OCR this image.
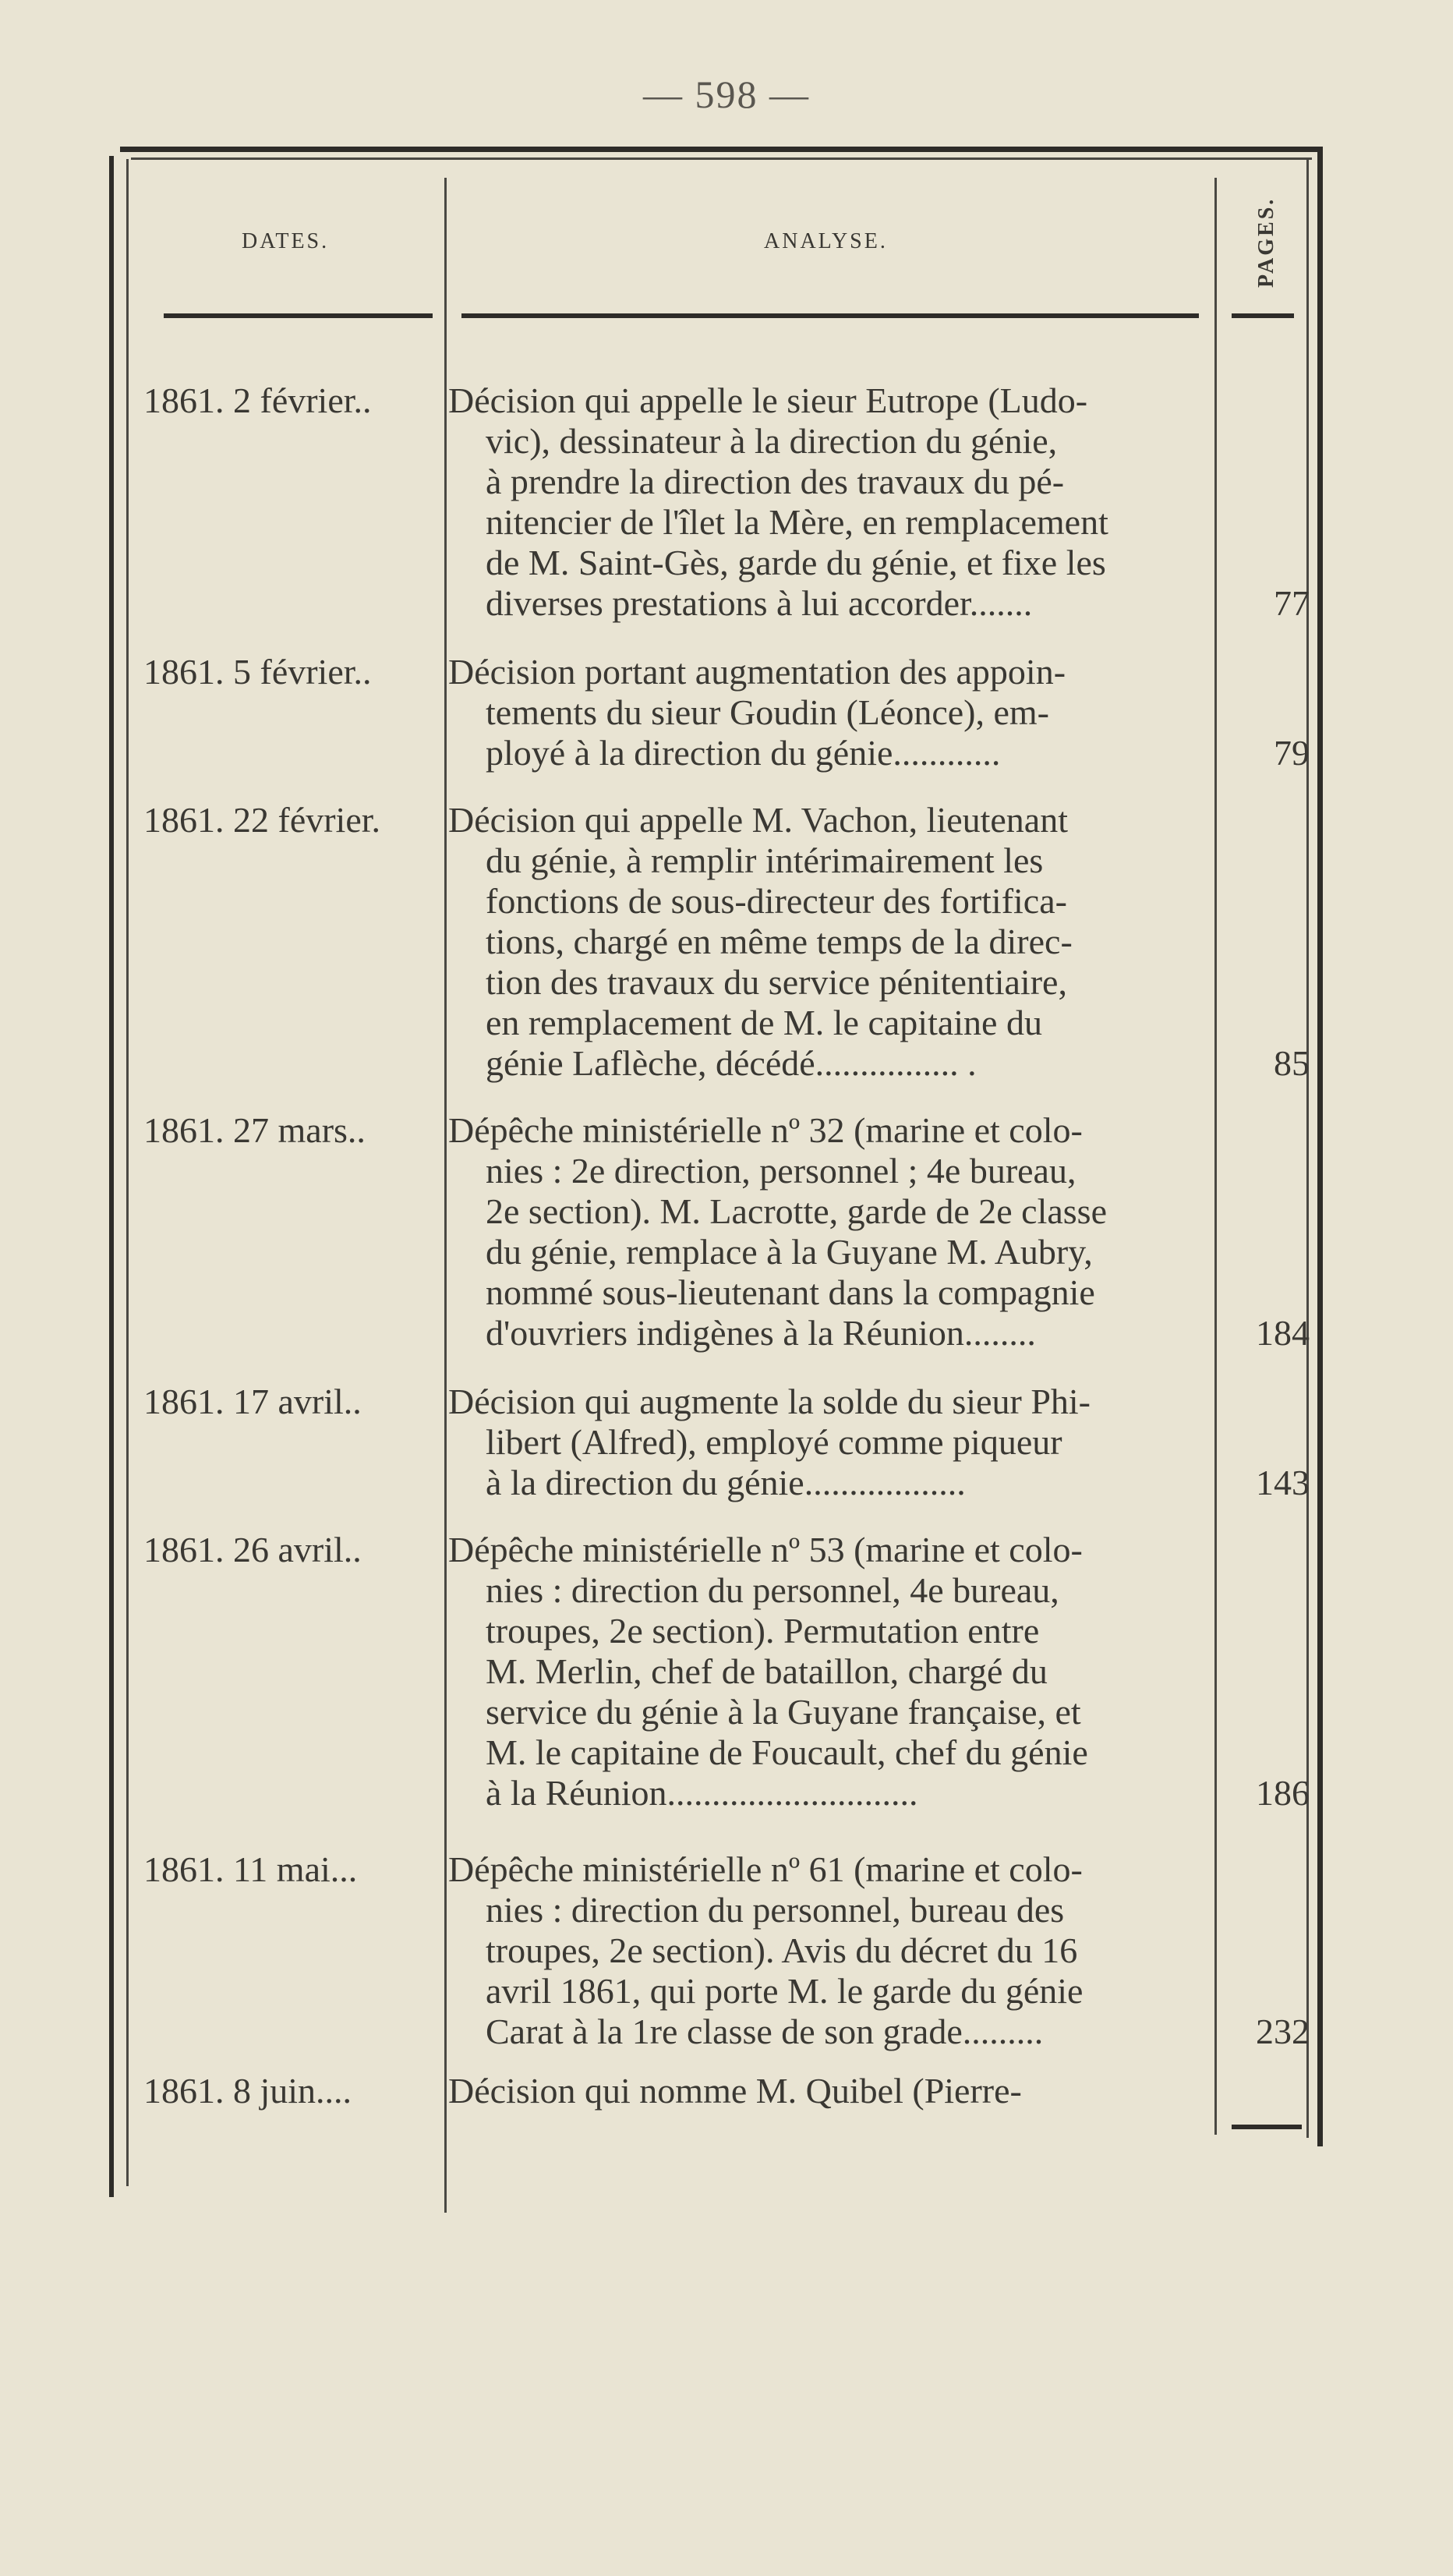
— 598 —
DATES.	ANALYSE.	PAGES.
1861. 2 février..	Décision qui appelle le sieur Eutrope (Ludo-
vic), dessinateur à la direction du génie,
à prendre la direction des travaux du pé-
nitencier de l'îlet la Mère, en remplacement
de M. Saint-Gès, garde du génie, et fixe les
diverses prestations à lui accorder.......	77
1861. 5 février..	Décision portant augmentation des appoin-
tements du sieur Goudin (Léonce), em-
ployé à la direction du génie............	79
1861. 22 février.	Décision qui appelle M. Vachon, lieutenant
du génie, à remplir intérimairement les
fonctions de sous-directeur des fortifica-
tions, chargé en même temps de la direc-
tion des travaux du service pénitentiaire,
en remplacement de M. le capitaine du
génie Laflèche, décédé................ .	85
1861. 27 mars..	Dépêche ministérielle nº 32 (marine et colo-
nies : 2e direction, personnel ; 4e bureau,
2e section). M. Lacrotte, garde de 2e classe
du génie, remplace à la Guyane M. Aubry,
nommé sous-lieutenant dans la compagnie
d'ouvriers indigènes à la Réunion........	184
1861. 17 avril..	Décision qui augmente la solde du sieur Phi-
libert (Alfred), employé comme piqueur
à la direction du génie..................	143
1861. 26 avril..	Dépêche ministérielle nº 53 (marine et colo-
nies : direction du personnel, 4e bureau,
troupes, 2e section). Permutation entre
M. Merlin, chef de bataillon, chargé du
service du génie à la Guyane française, et
M. le capitaine de Foucault, chef du génie
à la Réunion............................	186
1861. 11 mai...	Dépêche ministérielle nº 61 (marine et colo-
nies : direction du personnel, bureau des
troupes, 2e section). Avis du décret du 16
avril 1861, qui porte M. le garde du génie
Carat à la 1re classe de son grade.........	232
1861. 8 juin....	Décision qui nomme M. Quibel (Pierre-
